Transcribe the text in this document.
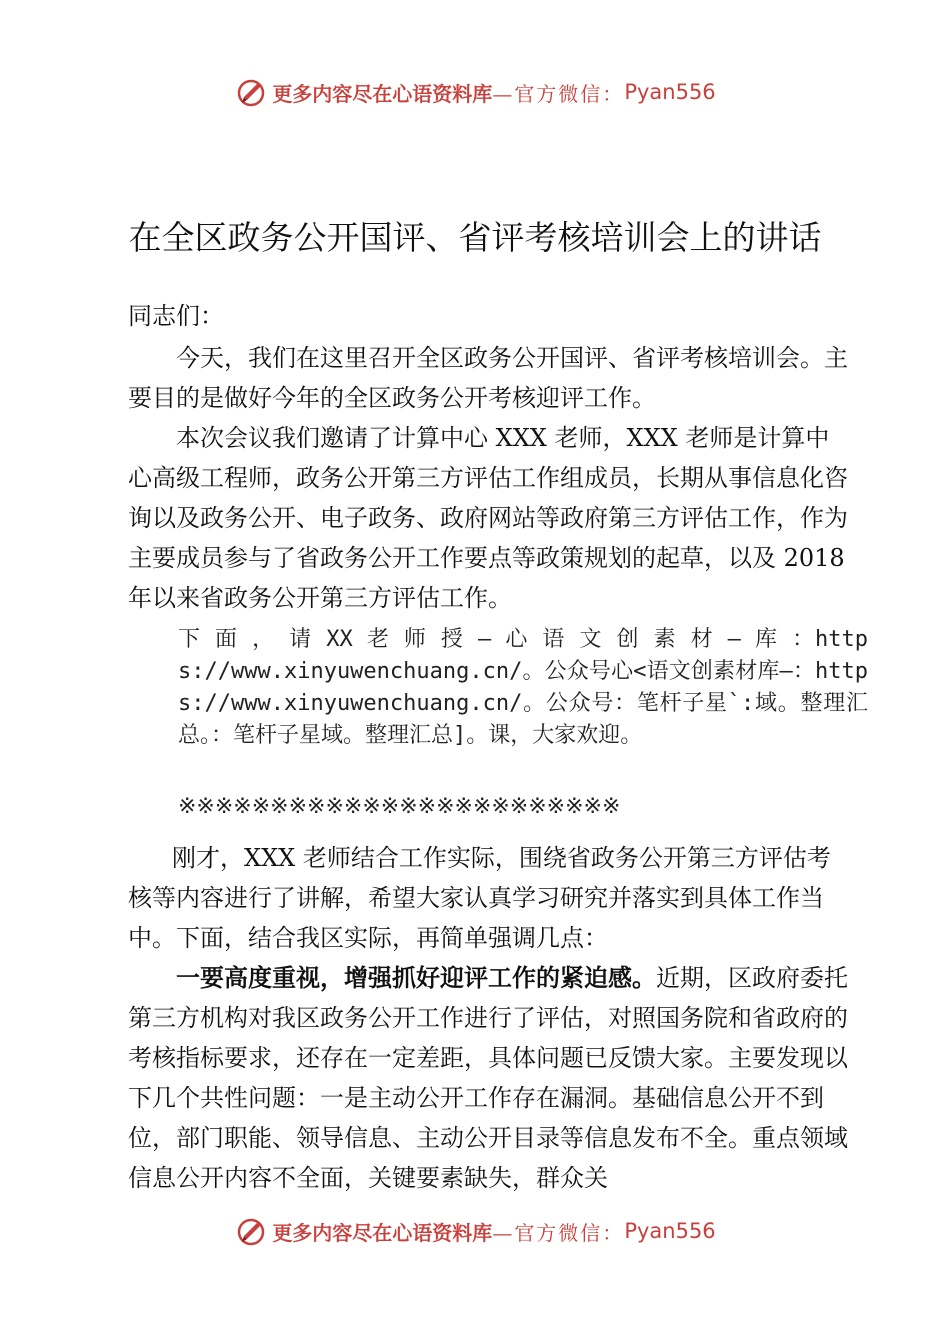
更多内容尽在心语资料库 —官方微信： Pyan556
在全区政务公开国评、省评考核培训会上的讲话

同志们：

今天，我们在这里召开全区政务公开国评、省评考核培训会。主要目的是做好今年的全区政务公开考核迎评工作。

本次会议我们邀请了计算中心 XXX 老师，XXX 老师是计算中心高级工程师，政务公开第三方评估工作组成员，长期从事信息化咨询以及政务公开、电子政务、政府网站等政府第三方评估工作，作为主要成员参与了省政务公开工作要点等政策规划的起草，以及 2018 年以来省政务公开第三方评估工作。

下 面 ， 请 XX 老 师 授 — 心 语 文 创 素 材 — 库 ：https://www.xinyuwenchuang.cn/。公众号心<语文创素材库—：https://www.xinyuwenchuang.cn/。公众号：笔杆子星`:域。整理汇总。：笔杆子星域。整理汇总]。课，大家欢迎。

※※※※※※※※※※※※※※※※※※※※※※※※

刚才，XXX 老师结合工作实际，围绕省政务公开第三方评估考核等内容进行了讲解，希望大家认真学习研究并落实到具体工作当中。下面，结合我区实际，再简单强调几点：

一要高度重视，增强抓好迎评工作的紧迫感。近期，区政府委托第三方机构对我区政务公开工作进行了评估，对照国务院和省政府的考核指标要求，还存在一定差距，具体问题已反馈大家。主要发现以下几个共性问题：一是主动公开工作存在漏洞。基础信息公开不到位，部门职能、领导信息、主动公开目录等信息发布不全。重点领域信息公开内容不全面，关键要素缺失，群众关

更多内容尽在心语资料库 —官方微信： Pyan556
